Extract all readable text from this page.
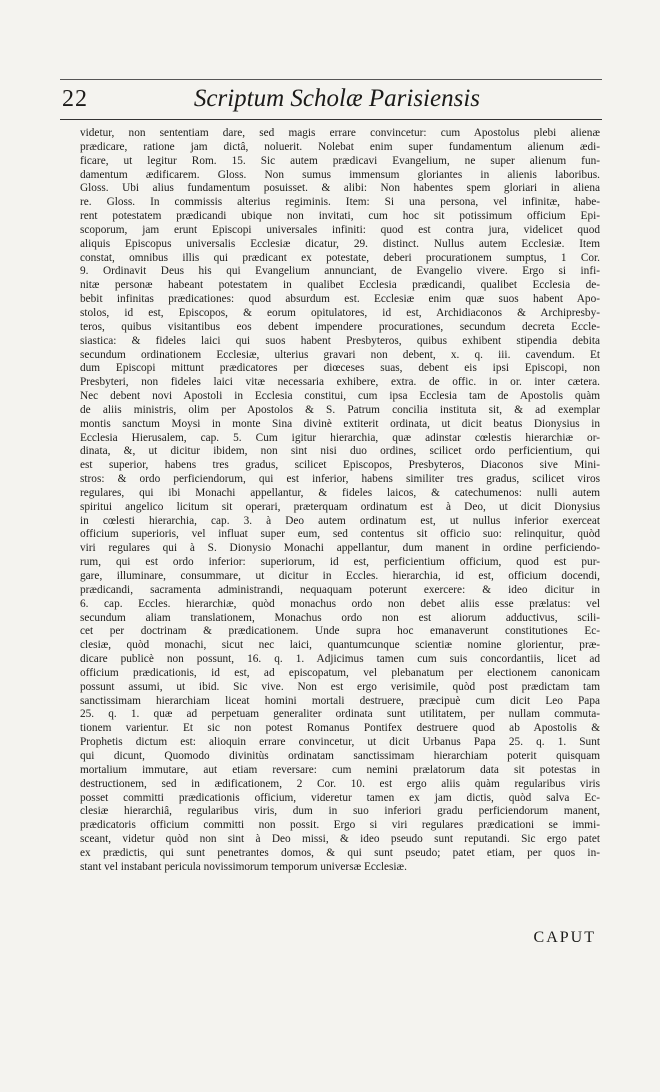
22	Scriptum Scholæ Parisiensis
videtur, non sententiam dare, sed magis errare convincetur: cum Apostolus plebi alienæ
prædicare, ratione jam dictâ, noluerit. Nolebat enim super fundamentum alienum ædi-
ficare, ut legitur Rom. 15. Sic autem prædicavi Evangelium, ne super alienum fun-
damentum ædificarem. Gloss. Non sumus immensum gloriantes in alienis laboribus.
Gloss. Ubi alius fundamentum posuisset. & alibi: Non habentes spem gloriari in aliena
re. Gloss. In commissis alterius regiminis. Item: Si una persona, vel infinitæ, habe-
rent potestatem prædicandi ubique non invitati, cum hoc sit potissimum officium Epi-
scoporum, jam erunt Episcopi universales infiniti: quod est contra jura, videlicet quod
aliquis Episcopus universalis Ecclesiæ dicatur, 29. distinct. Nullus autem Ecclesiæ. Item
constat, omnibus illis qui prædicant ex potestate, deberi procurationem sumptus, 1 Cor.
9. Ordinavit Deus his qui Evangelium annunciant, de Evangelio vivere. Ergo si infi-
nitæ personæ habeant potestatem in qualibet Ecclesia prædicandi, qualibet Ecclesia de-
bebit infinitas prædicationes: quod absurdum est. Ecclesiæ enim quæ suos habent Apo-
stolos, id est, Episcopos, & eorum opitulatores, id est, Archidiaconos & Archipresby-
teros, quibus visitantibus eos debent impendere procurationes, secundum decreta Eccle-
siastica: & fideles laici qui suos habent Presbyteros, quibus exhibent stipendia debita
secundum ordinationem Ecclesiæ, ulterius gravari non debent, x. q. iii. cavendum. Et
dum Episcopi mittunt prædicatores per diœceses suas, debent eis ipsi Episcopi, non
Presbyteri, non fideles laici vitæ necessaria exhibere, extra. de offic. in or. inter cætera.
Nec debent novi Apostoli in Ecclesia constitui, cum ipsa Ecclesia tam de Apostolis quàm
de aliis ministris, olim per Apostolos & S. Patrum concilia instituta sit, & ad exemplar
montis sanctum Moysi in monte Sina divinè extiterit ordinata, ut dicit beatus Dionysius in
Ecclesia Hierusalem, cap. 5. Cum igitur hierarchia, quæ adinstar cœlestis hierarchiæ or-
dinata, &, ut dicitur ibidem, non sint nisi duo ordines, scilicet ordo perficientium, qui
est superior, habens tres gradus, scilicet Episcopos, Presbyteros, Diaconos sive Mini-
stros: & ordo perficiendorum, qui est inferior, habens similiter tres gradus, scilicet viros
regulares, qui ibi Monachi appellantur, & fideles laicos, & catechumenos: nulli autem
spiritui angelico licitum sit operari, præterquam ordinatum est à Deo, ut dicit Dionysius
in cœlesti hierarchia, cap. 3. à Deo autem ordinatum est, ut nullus inferior exerceat
officium superioris, vel influat super eum, sed contentus sit officio suo: relinquitur, quòd
viri regulares qui à S. Dionysio Monachi appellantur, dum manent in ordine perficiendo-
rum, qui est ordo inferior: superiorum, id est, perficientium officium, quod est pur-
gare, illuminare, consummare, ut dicitur in Eccles. hierarchia, id est, officium docendi,
prædicandi, sacramenta administrandi, nequaquam poterunt exercere: & ideo dicitur in
6. cap. Eccles. hierarchiæ, quòd monachus ordo non debet aliis esse prælatus: vel
secundum aliam translationem, Monachus ordo non est aliorum adductivus, scili-
cet per doctrinam & prædicationem. Unde supra hoc emanaverunt constitutiones Ec-
clesiæ, quòd monachi, sicut nec laici, quantumcunque scientiæ nomine glorientur, præ-
dicare publicè non possunt, 16. q. 1. Adjicimus tamen cum suis concordantiis, licet ad
officium prædicationis, id est, ad episcopatum, vel plebanatum per electionem canonicam
possunt assumi, ut ibid. Sic vive. Non est ergo verisimile, quòd post prædictam tam
sanctissimam hierarchiam liceat homini mortali destruere, præcipuè cum dicit Leo Papa
25. q. 1. quæ ad perpetuam generaliter ordinata sunt utilitatem, per nullam commuta-
tionem varientur. Et sic non potest Romanus Pontifex destruere quod ab Apostolis &
Prophetis dictum est: alioquin errare convincetur, ut dicit Urbanus Papa 25. q. 1. Sunt
qui dicunt, Quomodo divinitùs ordinatam sanctissimam hierarchiam poterit quisquam
mortalium immutare, aut etiam reversare: cum nemini prælatorum data sit potestas in
destructionem, sed in ædificationem, 2 Cor. 10. est ergo aliis quàm regularibus viris
posset committi prædicationis officium, videretur tamen ex jam dictis, quòd salva Ec-
clesiæ hierarchiâ, regularibus viris, dum in suo inferiori gradu perficiendorum manent,
prædicatoris officium committi non possit. Ergo si viri regulares prædicationi se immi-
sceant, videtur quòd non sint à Deo missi, & ideo pseudo sunt reputandi. Sic ergo patet
ex prædictis, qui sunt penetrantes domos, & qui sunt pseudo; patet etiam, per quos in-
stant vel instabant pericula novissimorum temporum universæ Ecclesiæ.
CAPUT
